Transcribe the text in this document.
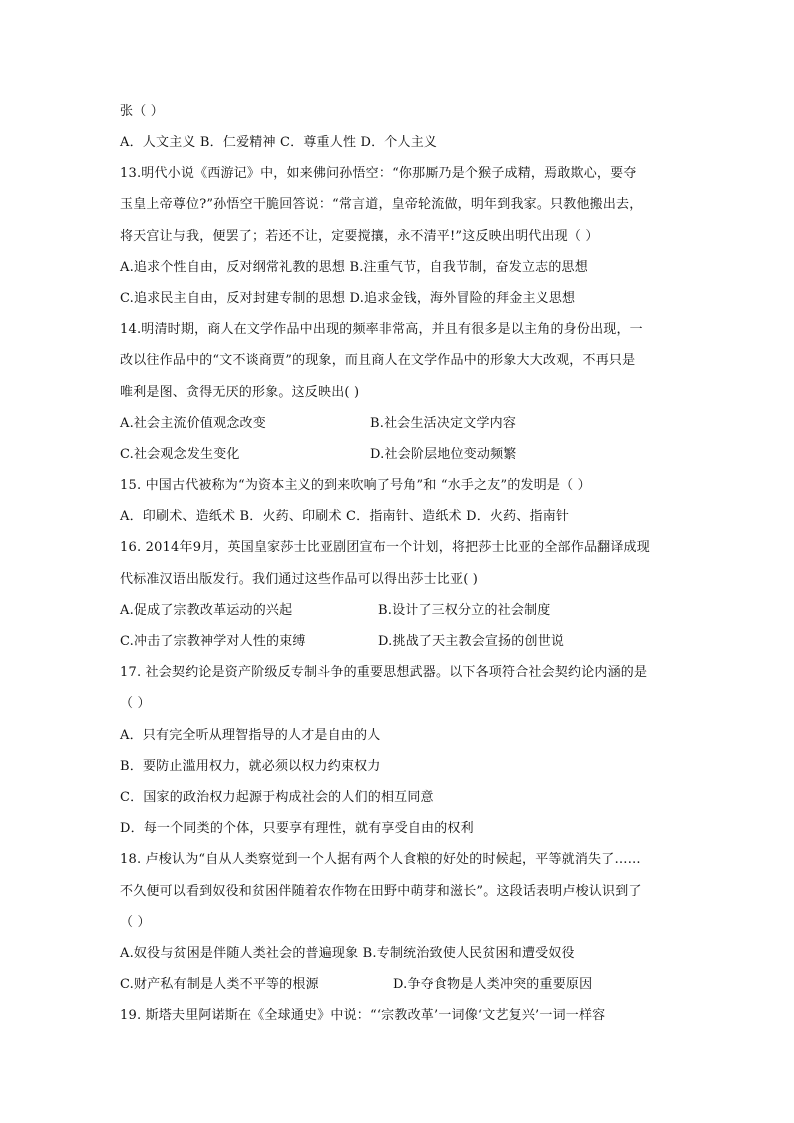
张（ ）
A．人文主义 B．仁爱精神 C．尊重人性 D．个人主义
13.明代小说《西游记》中，如来佛问孙悟空：“你那厮乃是个猴子成精，焉敢欺心，要夺
玉皇上帝尊位?”孙悟空干脆回答说：“常言道，皇帝轮流做，明年到我家。只教他搬出去，
将天宫让与我，便罢了；若还不让，定要搅攘，永不清平!”这反映出明代出现（ ）
A.追求个性自由，反对纲常礼教的思想 B.注重气节，自我节制，奋发立志的思想
C.追求民主自由，反对封建专制的思想 D.追求金钱，海外冒险的拜金主义思想
14.明清时期，商人在文学作品中出现的频率非常高，并且有很多是以主角的身份出现，一
改以往作品中的“文不谈商贾”的现象，而且商人在文学作品中的形象大大改观，不再只是
唯利是图、贪得无厌的形象。这反映出( )
A.社会主流价值观念改变	B.社会生活决定文学内容
C.社会观念发生变化	D.社会阶层地位变动频繁
15. 中国古代被称为“为资本主义的到来吹响了号角”和 “水手之友”的发明是（ ）
A．印刷术、造纸术 B．火药、印刷术 C．指南针、造纸术 D．火药、指南针
16. 2014年9月，英国皇家莎士比亚剧团宣布一个计划，将把莎士比亚的全部作品翻译成现
代标准汉语出版发行。我们通过这些作品可以得出莎士比亚( )
A.促成了宗教改革运动的兴起	B.设计了三权分立的社会制度
C.冲击了宗教神学对人性的束缚	D.挑战了天主教会宣扬的创世说
17. 社会契约论是资产阶级反专制斗争的重要思想武器。以下各项符合社会契约论内涵的是
（ ）
A．只有完全听从理智指导的人才是自由的人
B．要防止滥用权力，就必须以权力约束权力
C．国家的政治权力起源于构成社会的人们的相互同意
D．每一个同类的个体，只要享有理性，就有享受自由的权利
18. 卢梭认为“自从人类察觉到一个人据有两个人食粮的好处的时候起，平等就消失了……
不久便可以看到奴役和贫困伴随着农作物在田野中萌芽和滋长”。这段话表明卢梭认识到了
（ ）
A.奴役与贫困是伴随人类社会的普遍现象 B.专制统治致使人民贫困和遭受奴役
C.财产私有制是人类不平等的根源	D.争夺食物是人类冲突的重要原因
19. 斯塔夫里阿诺斯在《全球通史》中说：“‘宗教改革’一词像‘文艺复兴’一词一样容
